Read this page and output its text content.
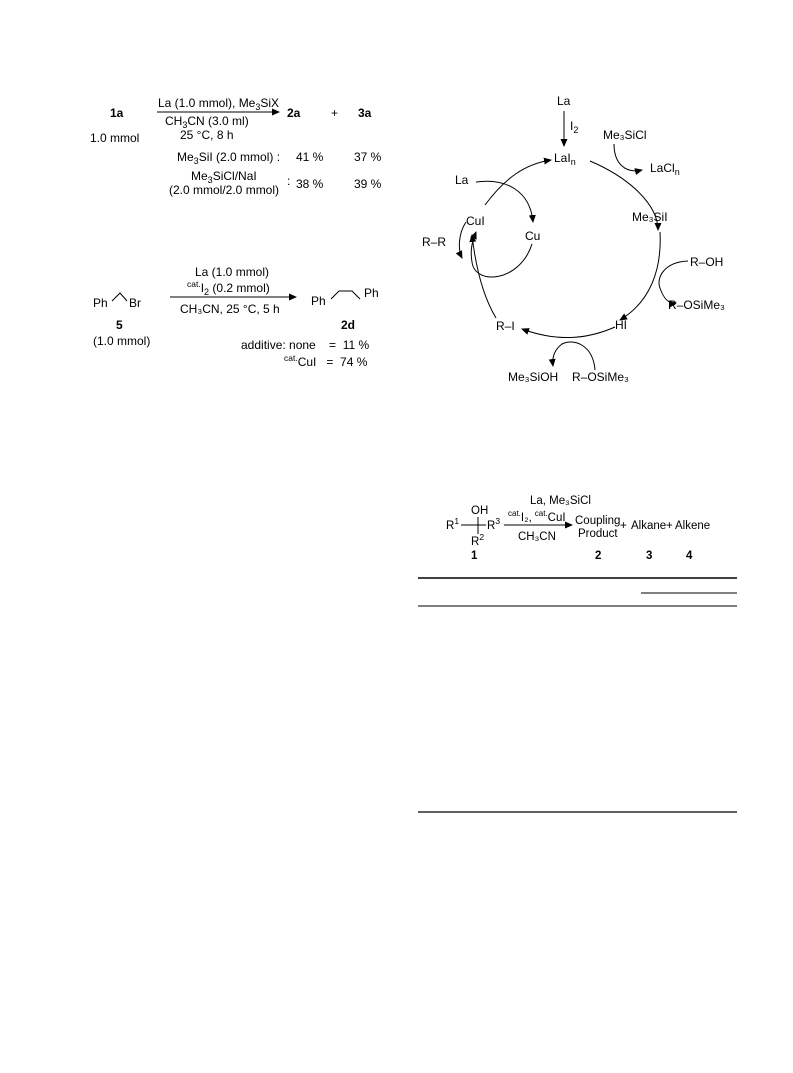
1a
1.0 mmol
La (1.0 mmol), $Me_3SiX$
$CH_3CN$ (3.0 ml)
25 °C, 8 h
2a	+ 3a
$Me_3SiI$ (2.0 mmol) : 41 %	37 %
$Me_3SiCl$/NaI
(2.0 mmol/2.0 mmol)
: 38 %	39 %
Ph Br
5
(1.0 mmol)
La (1.0 mmol)
$^{cat.}I_2$ (0.2 mmol)
CH₃CN, 25 °C, 5 h
Ph
Ph
2d
additive: none    =  11 %
$^{cat.}$CuI   =  74 %
La
$I_2$
LaI$_n$
Me₃SiCl
LaCl$_n$
Me₃SiI
R–OH
R–OSiMe₃
HI
Me₃SiOH R–OSiMe₃
R–I
La
CuI
Cu
R–R
OH
$R^1$ $R^3$
$R^2$
La, Me₃SiCl
$^{cat.}$I₂, $^{cat.}$CuI
CH₃CN
Coupling
Product
+ Alkane + Alkene
1	2	3	4
